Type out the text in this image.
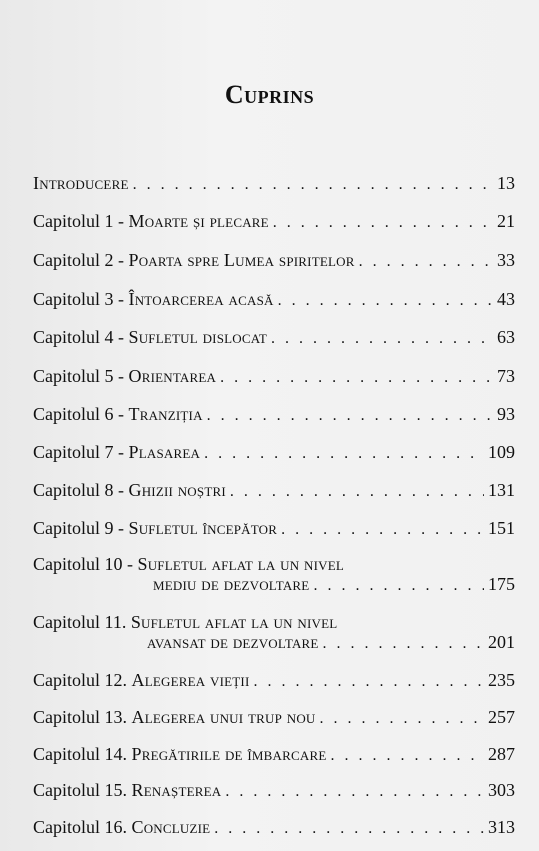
Cuprins
Introducere . . .	13
Capitolul 1 - Moarte și plecare . . .	21
Capitolul 2 - Poarta spre Lumea spiritelor . . .	33
Capitolul 3 - Întoarcerea acasă . . .	43
Capitolul 4 - Sufletul dislocat . . .	63
Capitolul 5 - Orientarea . . .	73
Capitolul 6 - Tranziția . . .	93
Capitolul 7 - Plasarea . . .	109
Capitolul 8 - Ghizii noștri . . .	131
Capitolul 9 - Sufletul începător . . .	151
Capitolul 10 - Sufletul aflat la un nivel
mediu de dezvoltare . . .	175
Capitolul 11. Sufletul aflat la un nivel
avansat de dezvoltare . . .	201
Capitolul 12. Alegerea vieții . . .	235
Capitolul 13. Alegerea unui trup nou . . .	257
Capitolul 14. Pregătirile de îmbarcare . . .	287
Capitolul 15. Renașterea . . .	303
Capitolul 16. Concluzie . . .	313
